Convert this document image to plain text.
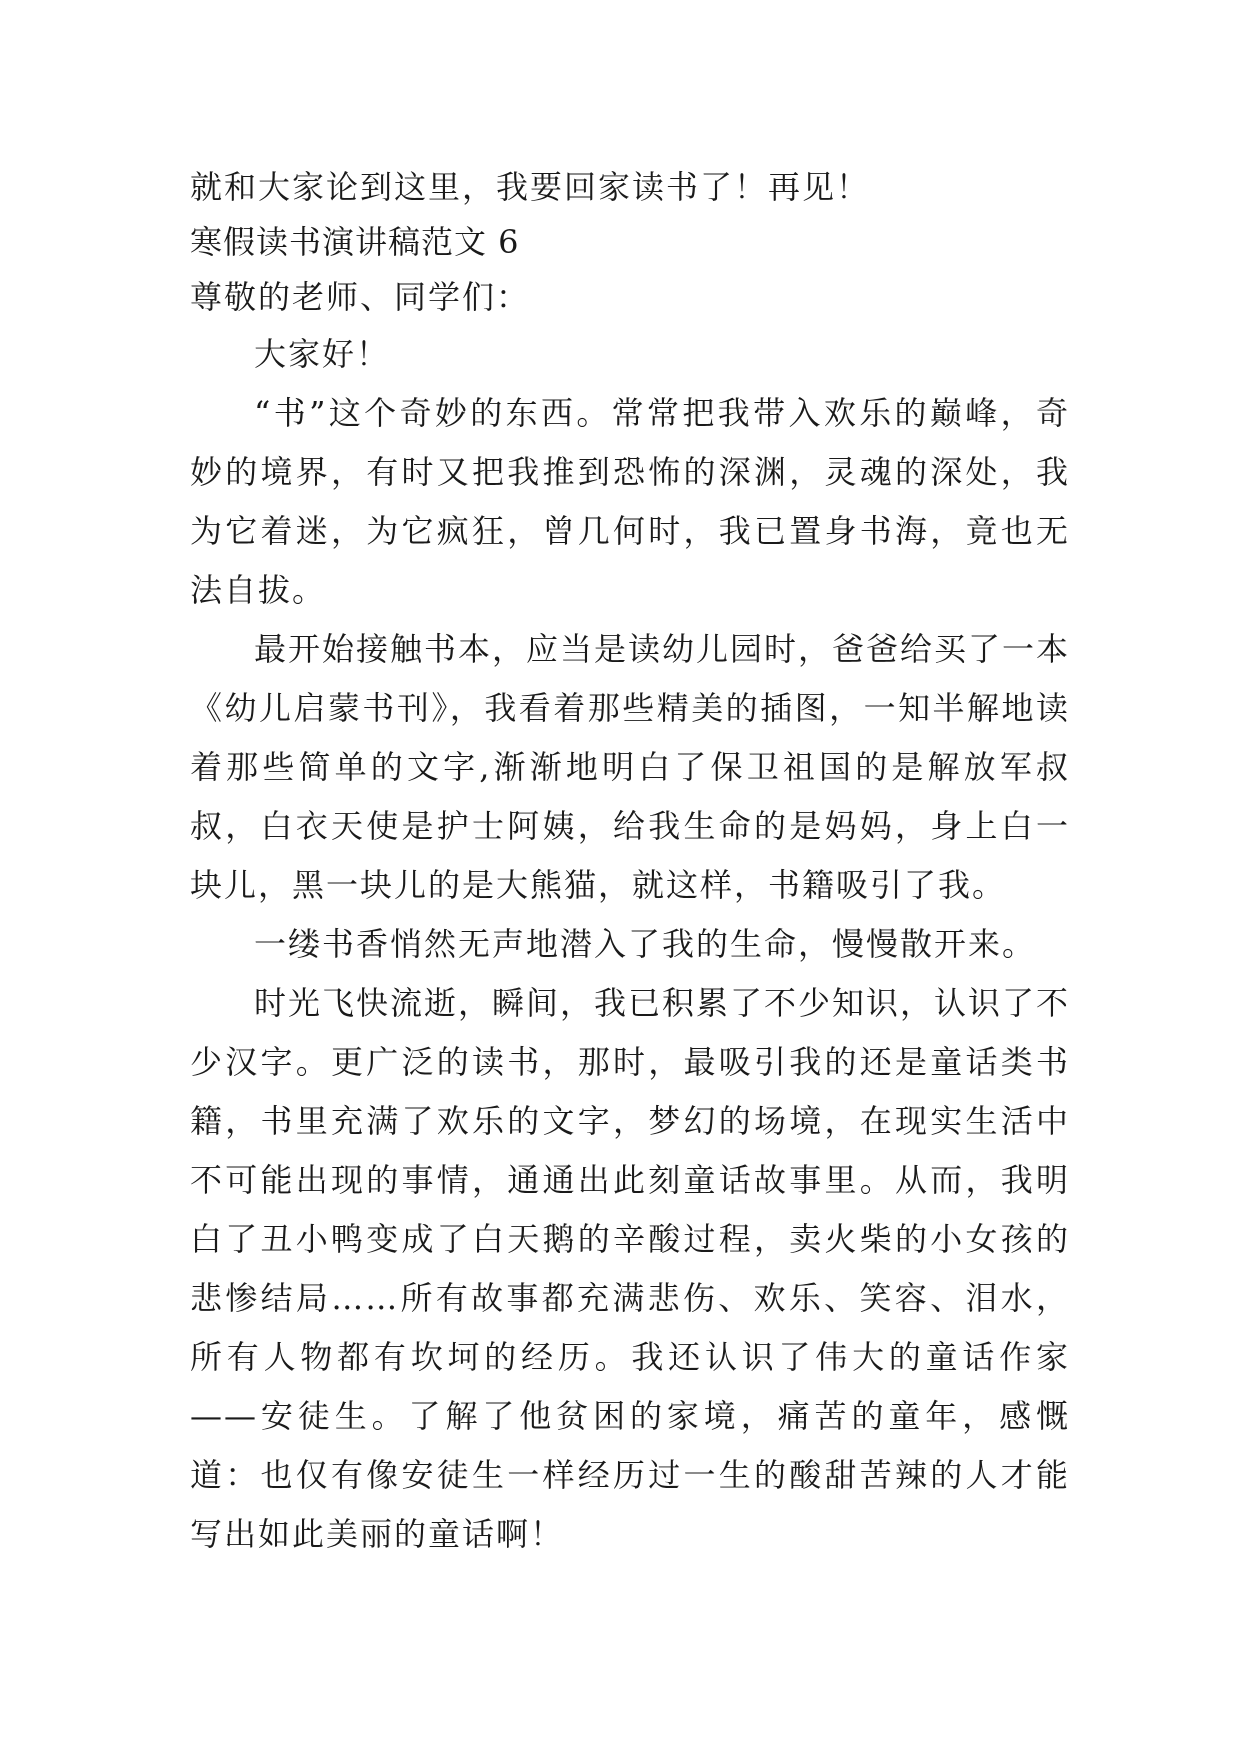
就和大家论到这里，我要回家读书了！再见！

寒假读书演讲稿范文 6

尊敬的老师、同学们：

大家好！

“书”这个奇妙的东西。常常把我带入欢乐的巅峰，奇妙的境界，有时又把我推到恐怖的深渊，灵魂的深处，我为它着迷，为它疯狂，曾几何时，我已置身书海，竟也无法自拔。

最开始接触书本，应当是读幼儿园时，爸爸给买了一本《幼儿启蒙书刊》，我看着那些精美的插图，一知半解地读着那些简单的文字,渐渐地明白了保卫祖国的是解放军叔叔，白衣天使是护士阿姨，给我生命的是妈妈，身上白一块儿，黑一块儿的是大熊猫，就这样，书籍吸引了我。

一缕书香悄然无声地潜入了我的生命，慢慢散开来。

时光飞快流逝，瞬间，我已积累了不少知识，认识了不少汉字。更广泛的读书，那时，最吸引我的还是童话类书籍，书里充满了欢乐的文字，梦幻的场境，在现实生活中不可能出现的事情，通通出此刻童话故事里。从而，我明白了丑小鸭变成了白天鹅的辛酸过程，卖火柴的小女孩的悲惨结局……所有故事都充满悲伤、欢乐、笑容、泪水，所有人物都有坎坷的经历。我还认识了伟大的童话作家——安徒生。了解了他贫困的家境，痛苦的童年，感慨道：也仅有像安徒生一样经历过一生的酸甜苦辣的人才能写出如此美丽的童话啊！
